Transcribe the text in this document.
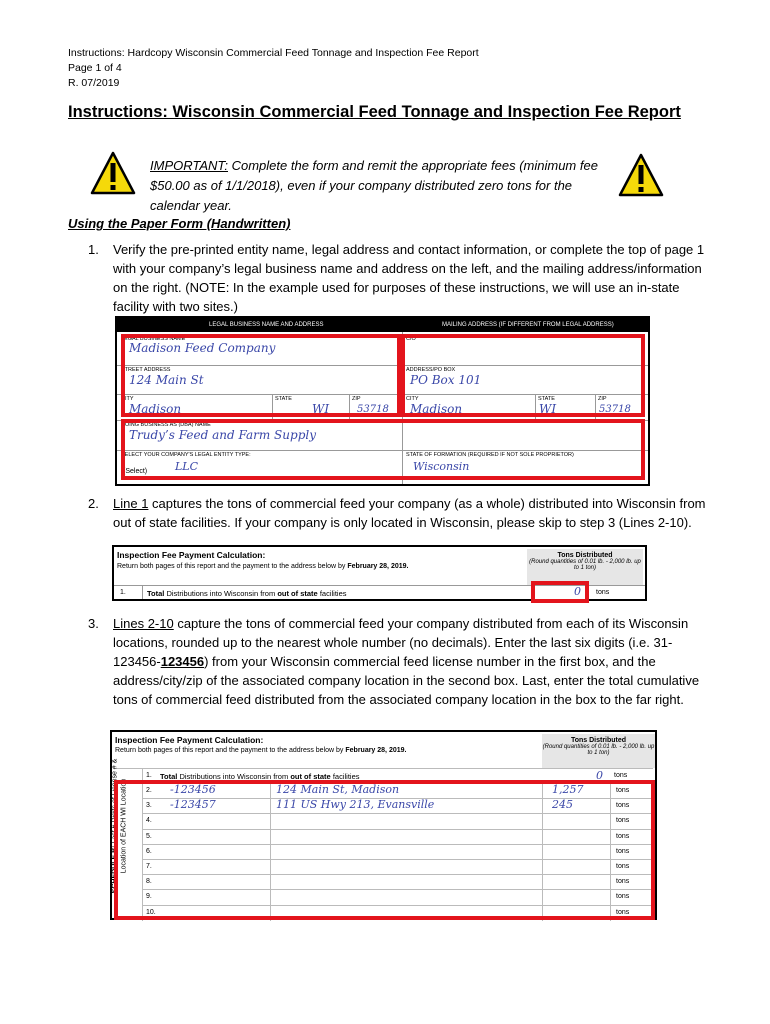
Instructions: Hardcopy Wisconsin Commercial Feed Tonnage and Inspection Fee Report
Page 1 of 4
R. 07/2019
Instructions: Wisconsin Commercial Feed Tonnage and Inspection Fee Report
IMPORTANT: Complete the form and remit the appropriate fees (minimum fee $50.00 as of 1/1/2018), even if your company distributed zero tons for the calendar year.
Using the Paper Form (Handwritten)
1. Verify the pre-printed entity name, legal address and contact information, or complete the top of page 1 with your company’s legal business name and address on the left, and the mailing address/information on the right. (NOTE: In the example used for purposes of these instructions, we will use an in-state facility with two sites.)
LEGAL BUSINESS NAME AND ADDRESS	MAILING ADDRESS (IF DIFFERENT FROM LEGAL ADDRESS)
LEGAL BUSINESS NAME
Madison Feed Company
C/O
STREET ADDRESS
124 Main St
ADDRESS/PO BOX
PO Box 101
CITY	STATE	ZIP
Madison	WI	53718
CITY	STATE	ZIP
Madison	WI	53718
DOING BUSINESS AS (DBA) NAME
Trudy’s Feed and Farm Supply
SELECT YOUR COMPANY'S LEGAL ENTITY TYPE:
(Select)	LLC
STATE OF FORMATION (REQUIRED IF NOT SOLE PROPRIETOR)
Wisconsin
2. Line 1 captures the tons of commercial feed your company (as a whole) distributed into Wisconsin from out of state facilities. If your company is only located in Wisconsin, please skip to step 3 (Lines 2-10).
Inspection Fee Payment Calculation:
Return both pages of this report and the payment to the address below by February 28, 2019.
Tons Distributed
(Round quantities of 0.01 lb. - 2,000 lb. up to 1 ton)
1.	Total Distributions into Wisconsin from out of state facilities	0 tons
3. Lines 2-10 capture the tons of commercial feed your company distributed from each of its Wisconsin locations, rounded up to the nearest whole number (no decimals). Enter the last six digits (i.e. 31-123456-123456) from your Wisconsin commercial feed license number in the first box, and the address/city/zip of the associated company location in the second box. Last, enter the total cumulative tons of commercial feed distributed from the associated company location in the box to the far right.
Inspection Fee Payment Calculation:
Return both pages of this report and the payment to the address below by February 28, 2019.
Tons Distributed
(Round quantities of 0.01 lb. - 2,000 lb. up to 1 ton)
1. Total Distributions into Wisconsin from out of state facilities	0 tons
2. -123456	124 Main St, Madison	1,257	tons
3. -123457	111 US Hwy 213, Evansville	245	tons
4.	tons
5.	tons
6.	tons
7.	tons
8.	tons
9.	tons
10.	tons
SCHEDULE B: Last 6 Digits of License # & Location of EACH WI Location
